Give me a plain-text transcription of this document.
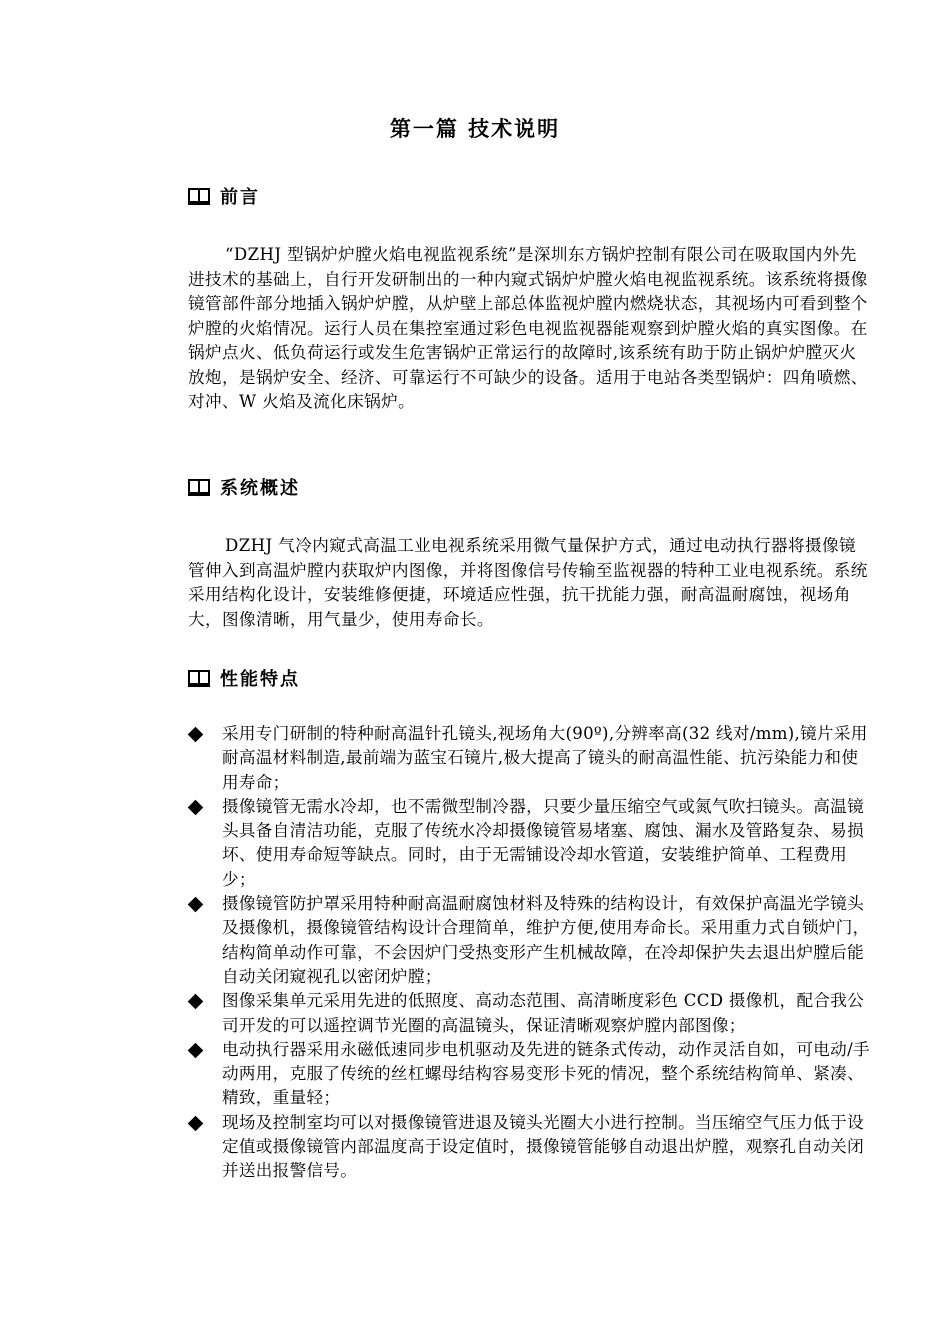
第一篇 技术说明
前言

“DZHJ 型锅炉炉膛火焰电视监视系统”是深圳东方锅炉控制有限公司在吸取国内外先进技术的基础上，自行开发研制出的一种内窥式锅炉炉膛火焰电视监视系统。该系统将摄像镜管部件部分地插入锅炉炉膛，从炉壁上部总体监视炉膛内燃烧状态，其视场内可看到整个炉膛的火焰情况。运行人员在集控室通过彩色电视监视器能观察到炉膛火焰的真实图像。在锅炉点火、低负荷运行或发生危害锅炉正常运行的故障时,该系统有助于防止锅炉炉膛灭火放炮，是锅炉安全、经济、可靠运行不可缺少的设备。适用于电站各类型锅炉：四角喷燃、对冲、W 火焰及流化床锅炉。

系统概述

DZHJ 气冷内窥式高温工业电视系统采用微气量保护方式，通过电动执行器将摄像镜管伸入到高温炉膛内获取炉内图像，并将图像信号传输至监视器的特种工业电视系统。系统采用结构化设计，安装维修便捷，环境适应性强，抗干扰能力强，耐高温耐腐蚀，视场角大，图像清晰，用气量少，使用寿命长。

性能特点
采用专门研制的特种耐高温针孔镜头,视场角大(90º),分辨率高(32 线对/mm),镜片采用耐高温材料制造,最前端为蓝宝石镜片,极大提高了镜头的耐高温性能、抗污染能力和使用寿命；
摄像镜管无需水冷却，也不需微型制冷器，只要少量压缩空气或氮气吹扫镜头。高温镜头具备自清洁功能，克服了传统水冷却摄像镜管易堵塞、腐蚀、漏水及管路复杂、易损坏、使用寿命短等缺点。同时，由于无需铺设冷却水管道，安装维护简单、工程费用少；
摄像镜管防护罩采用特种耐高温耐腐蚀材料及特殊的结构设计，有效保护高温光学镜头及摄像机，摄像镜管结构设计合理简单，维护方便,使用寿命长。采用重力式自锁炉门，结构简单动作可靠，不会因炉门受热变形产生机械故障，在冷却保护失去退出炉膛后能自动关闭窥视孔以密闭炉膛；
图像采集单元采用先进的低照度、高动态范围、高清晰度彩色 CCD 摄像机，配合我公司开发的可以遥控调节光圈的高温镜头，保证清晰观察炉膛内部图像；
电动执行器采用永磁低速同步电机驱动及先进的链条式传动，动作灵活自如，可电动/手动两用，克服了传统的丝杠螺母结构容易变形卡死的情况，整个系统结构简单、紧凑、精致，重量轻；
现场及控制室均可以对摄像镜管进退及镜头光圈大小进行控制。当压缩空气压力低于设定值或摄像镜管内部温度高于设定值时，摄像镜管能够自动退出炉膛，观察孔自动关闭并送出报警信号。
